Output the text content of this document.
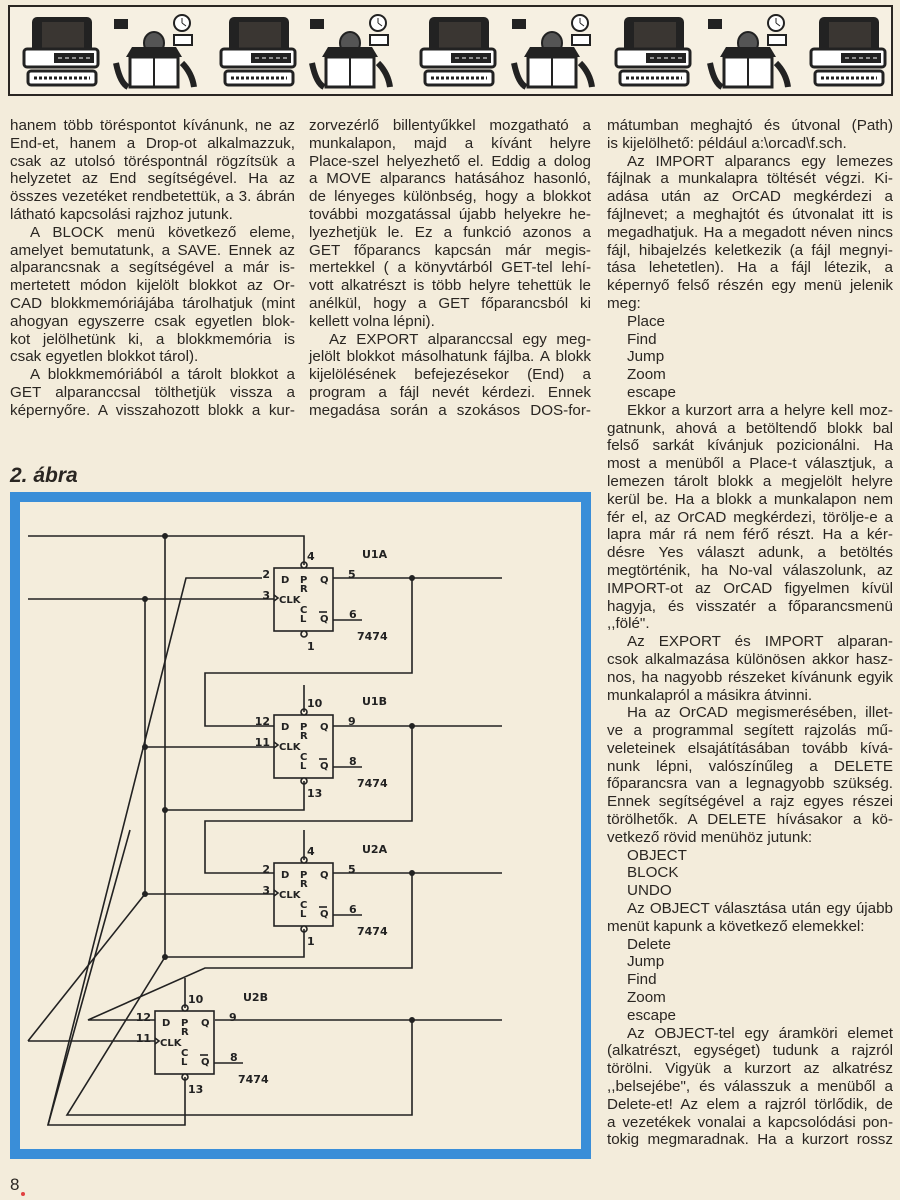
hanem több töréspontot kívánunk, ne az
End-et, hanem a Drop-ot alkalmazzuk,
csak az utolsó töréspontnál rögzítsük a
helyzetet az End segítségével. Ha az
összes vezetéket rendbetettük, a 3. ábrán
látható kapcsolási rajzhoz jutunk.
A BLOCK menü következő eleme,
amelyet bemutatunk, a SAVE. Ennek az
alparancsnak a segítségével a már is-
mertetett módon kijelölt blokkot az Or-
CAD blokkmemóriájába tárolhatjuk (mint
ahogyan egyszerre csak egyetlen blok-
kot jelölhetünk ki, a blokkmemória is
csak egyetlen blokkot tárol).
A blokkmemóriából a tárolt blokkot a
GET alparanccsal tölthetjük vissza a
képernyőre. A visszahozott blokk a kur-
zorvezérlő billentyűkkel mozgatható a
munkalapon, majd a kívánt helyre
Place-szel helyezhető el. Eddig a dolog
a MOVE alparancs hatásához hasonló,
de lényeges különbség, hogy a blokkot
további mozgatással újabb helyekre he-
lyezhetjük le. Ez a funkció azonos a
GET főparancs kapcsán már megis-
mertekkel ( a könyvtárból GET-tel lehí-
vott alkatrészt is több helyre tehettük le
anélkül, hogy a GET főparancsból ki
kellett volna lépni).
Az EXPORT alparanccsal egy meg-
jelölt blokkot másolhatunk fájlba. A blokk
kijelölésének befejezésekor (End) a
program a fájl nevét kérdezi. Ennek
megadása során a szokásos DOS-for-
mátumban meghajtó és útvonal (Path)
is kijelölhető: például a:\orcad\f.sch.
Az IMPORT alparancs egy lemezes
fájlnak a munkalapra töltését végzi. Ki-
adása után az OrCAD megkérdezi a
fájlnevet; a meghajtót és útvonalat itt is
megadhatjuk. Ha a megadott néven nincs
fájl, hibajelzés keletkezik (a fájl megnyi-
tása lehetetlen). Ha a fájl létezik, a
képernyő felső részén egy menü jelenik
meg:
Place
Find
Jump
Zoom
escape
Ekkor a kurzort arra a helyre kell moz-
gatnunk, ahová a betöltendő blokk bal
felső sarkát kívánjuk pozicionálni. Ha
most a menüből a Place-t választjuk, a
lemezen tárolt blokk a megjelölt helyre
kerül be. Ha a blokk a munkalapon nem
fér el, az OrCAD megkérdezi, törölje-e a
lapra már rá nem férő részt. Ha a kér-
désre Yes választ adunk, a betöltés
megtörténik, ha No-val válaszolunk, az
IMPORT-ot az OrCAD figyelmen kívül
hagyja, és visszatér a főparancsmenü
,,fölé".
Az EXPORT és IMPORT alparan-
csok alkalmazása különösen akkor hasz-
nos, ha nagyobb részeket kívánunk egyik
munkalapról a másikra átvinni.
Ha az OrCAD megismerésében, illet-
ve a programmal segített rajzolás mű-
veleteinek elsajátításában tovább kívá-
nunk lépni, valószínűleg a DELETE
főparancsra van a legnagyobb szükség.
Ennek segítségével a rajz egyes részei
törölhetők. A DELETE hívásakor a kö-
vetkező rövid menühöz jutunk:
OBJECT
BLOCK
UNDO
Az OBJECT választása után egy újabb
menüt kapunk a következő elemekkel:
Delete
Jump
Find
Zoom
escape
Az OBJECT-tel egy áramköri elemet
(alkatrészt, egységet) tudunk a rajzról
törölni. Vigyük a kurzort az alkatrész
,,belsejébe", és válasszuk a menüből a
Delete-et! Az elem a rajzról törlődik, de
a vezetékek vonalai a kapcsolódási pon-
tokig megmaradnak. Ha a kurzort rossz
2. ábra
D P
R
CLK
C
L
Q
Q 6
5
2
3
4
1
U1A
7474
D P
R
CLK
C
L
Q
Q 8
9
12
11
10
13
U1B
7474
D P
R
CLK
C
L
Q
Q 6
5
2
3
4
1
U2A
7474
D P
R
CLK
C
L
Q
Q 8
9
12
11
10
13
U2B
7474
8
